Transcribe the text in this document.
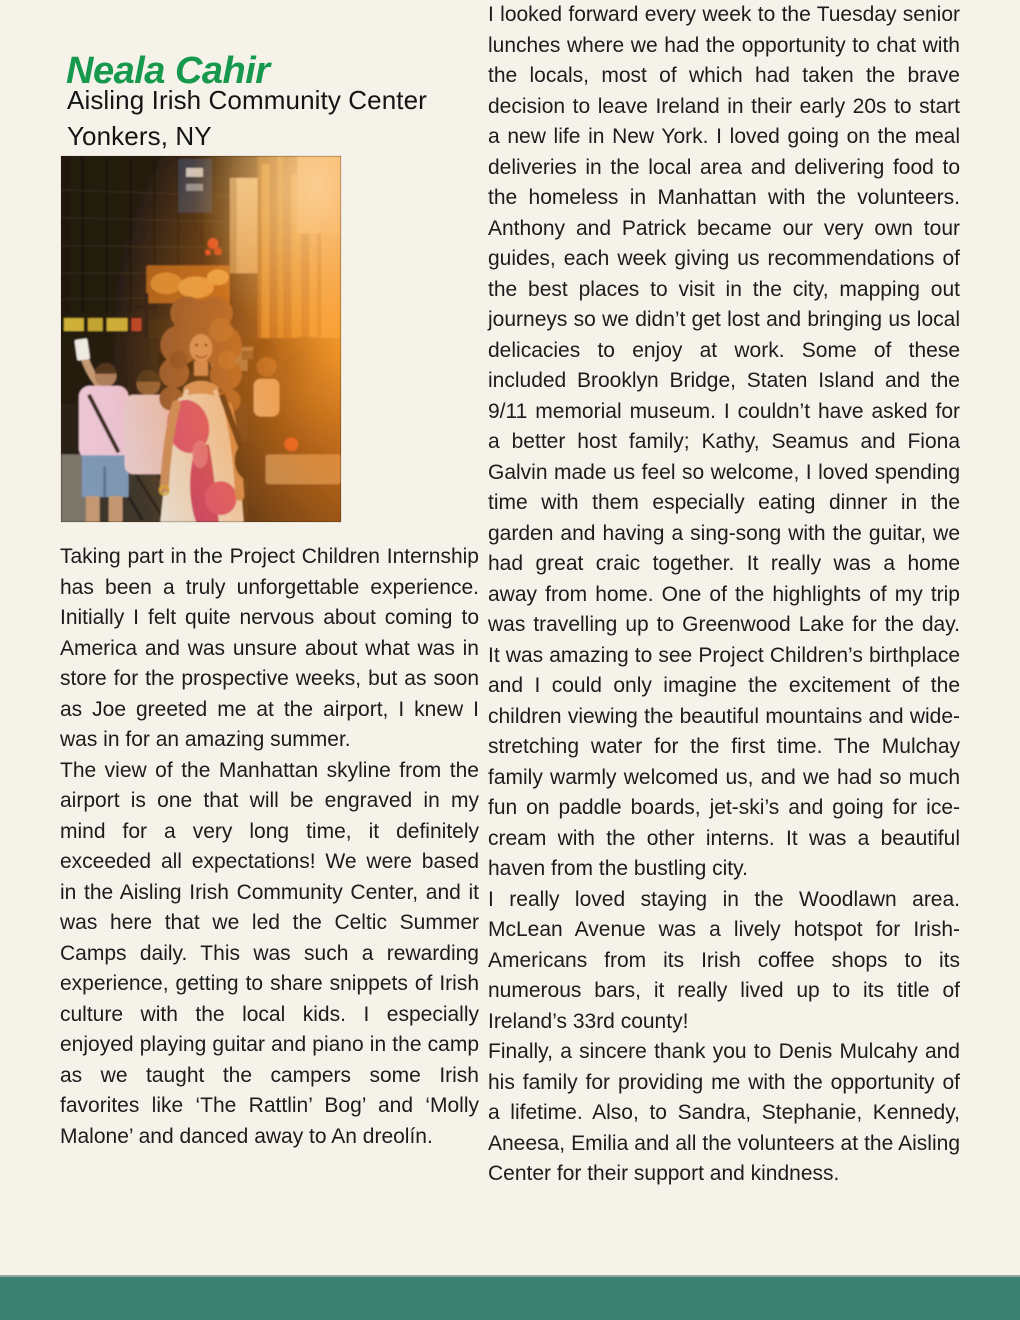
Neala Cahir
Aisling Irish Community Center
Yonkers, NY

Taking part in the Project Children Internship has been a truly unforgettable experience. Initially I felt quite nervous about coming to America and was unsure about what was in store for the prospective weeks, but as soon as Joe greeted me at the airport, I knew I was in for an amazing summer.

The view of the Manhattan skyline from the airport is one that will be engraved in my mind for a very long time, it definitely exceeded all expectations! We were based in the Aisling Irish Community Center, and it was here that we led the Celtic Summer Camps daily. This was such a rewarding experience, getting to share snippets of Irish culture with the local kids. I especially enjoyed playing guitar and piano in the camp as we taught the campers some Irish favorites like ‘The Rattlin’ Bog’ and ‘Molly Malone’ and danced away to An dreolín.

I looked forward every week to the Tuesday senior lunches where we had the opportunity to chat with the locals, most of which had taken the brave decision to leave Ireland in their early 20s to start a new life in New York. I loved going on the meal deliveries in the local area and delivering food to the homeless in Manhattan with the volunteers. Anthony and Patrick became our very own tour guides, each week giving us recommendations of the best places to visit in the city, mapping out journeys so we didn’t get lost and bringing us local delicacies to enjoy at work. Some of these included Brooklyn Bridge, Staten Island and the 9/11 memorial museum. I couldn’t have asked for a better host family; Kathy, Seamus and Fiona Galvin made us feel so welcome, I loved spending time with them especially eating dinner in the garden and having a sing-song with the guitar, we had great craic together. It really was a home away from home. One of the highlights of my trip was travelling up to Greenwood Lake for the day. It was amazing to see Project Children’s birthplace and I could only imagine the excitement of the children viewing the beautiful mountains and wide-stretching water for the first time. The Mulchay family warmly welcomed us, and we had so much fun on paddle boards, jet-ski’s and going for ice-cream with the other interns. It was a beautiful haven from the bustling city.

I really loved staying in the Woodlawn area. McLean Avenue was a lively hotspot for Irish-Americans from its Irish coffee shops to its numerous bars, it really lived up to its title of Ireland’s 33rd county!

Finally, a sincere thank you to Denis Mulcahy and his family for providing me with the opportunity of a lifetime. Also, to Sandra, Stephanie, Kennedy, Aneesa, Emilia and all the volunteers at the Aisling Center for their support and kindness.
